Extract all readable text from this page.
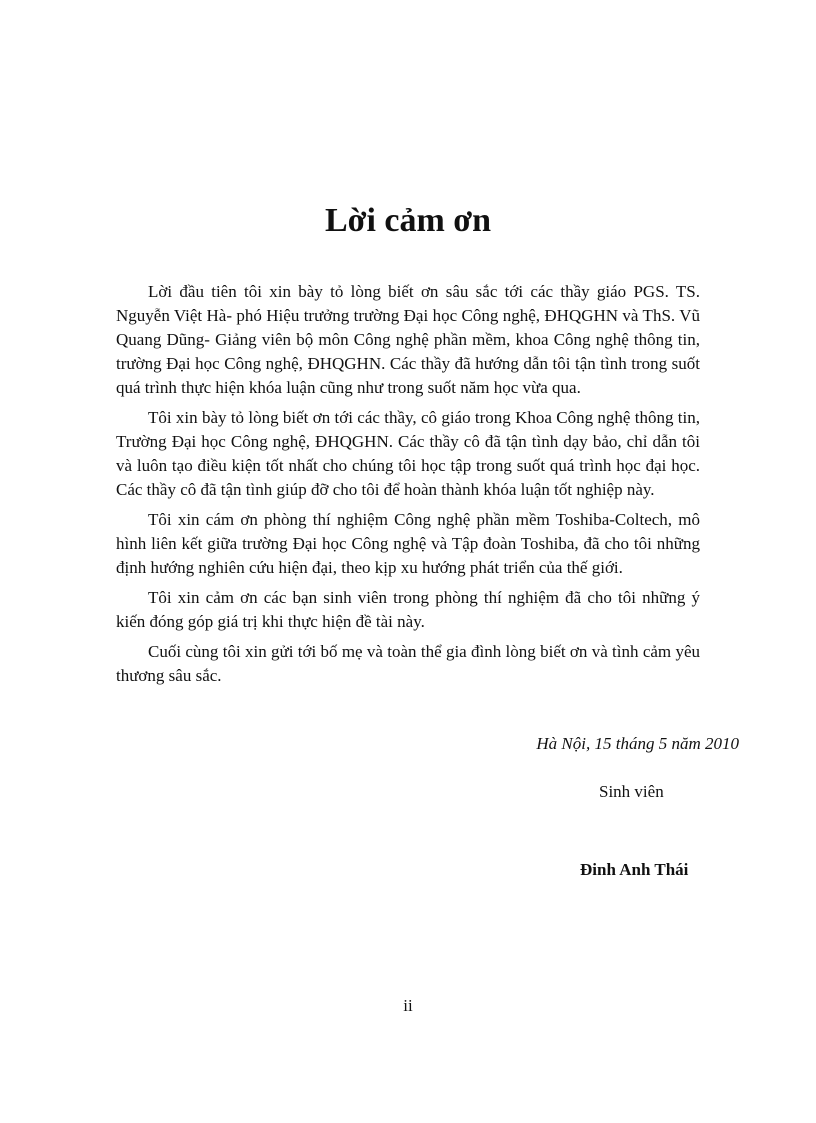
Lời cảm ơn

Lời đầu tiên tôi xin bày tỏ lòng biết ơn sâu sắc tới các thầy giáo PGS. TS. Nguyễn Việt Hà- phó Hiệu trưởng trường Đại học Công nghệ, ĐHQGHN và ThS. Vũ Quang Dũng- Giảng viên bộ môn Công nghệ phần mềm, khoa Công nghệ thông tin, trường Đại học Công nghệ, ĐHQGHN. Các thầy đã hướng dẫn tôi tận tình trong suốt quá trình thực hiện khóa luận cũng như trong suốt năm học vừa qua.

Tôi xin bày tỏ lòng biết ơn tới các thầy, cô giáo trong Khoa Công nghệ thông tin, Trường Đại học Công nghệ, ĐHQGHN. Các thầy cô đã tận tình dạy bảo, chỉ dẫn tôi và luôn tạo điều kiện tốt nhất cho chúng tôi học tập trong suốt quá trình học đại học. Các thầy cô đã tận tình giúp đỡ cho tôi để hoàn thành khóa luận tốt nghiệp này.

Tôi xin cám ơn phòng thí nghiệm Công nghệ phần mềm Toshiba-Coltech, mô hình liên kết giữa trường Đại học Công nghệ và Tập đoàn Toshiba, đã cho tôi những định hướng nghiên cứu hiện đại, theo kịp xu hướng phát triển của thế giới.

Tôi xin cảm ơn các bạn sinh viên trong phòng thí nghiệm đã cho tôi những ý kiến đóng góp giá trị khi thực hiện đề tài này.

Cuối cùng tôi xin gửi tới bố mẹ và toàn thể gia đình lòng biết ơn và tình cảm yêu thương sâu sắc.

Hà Nội, 15 tháng 5 năm 2010
Sinh viên
Đinh Anh Thái
ii
